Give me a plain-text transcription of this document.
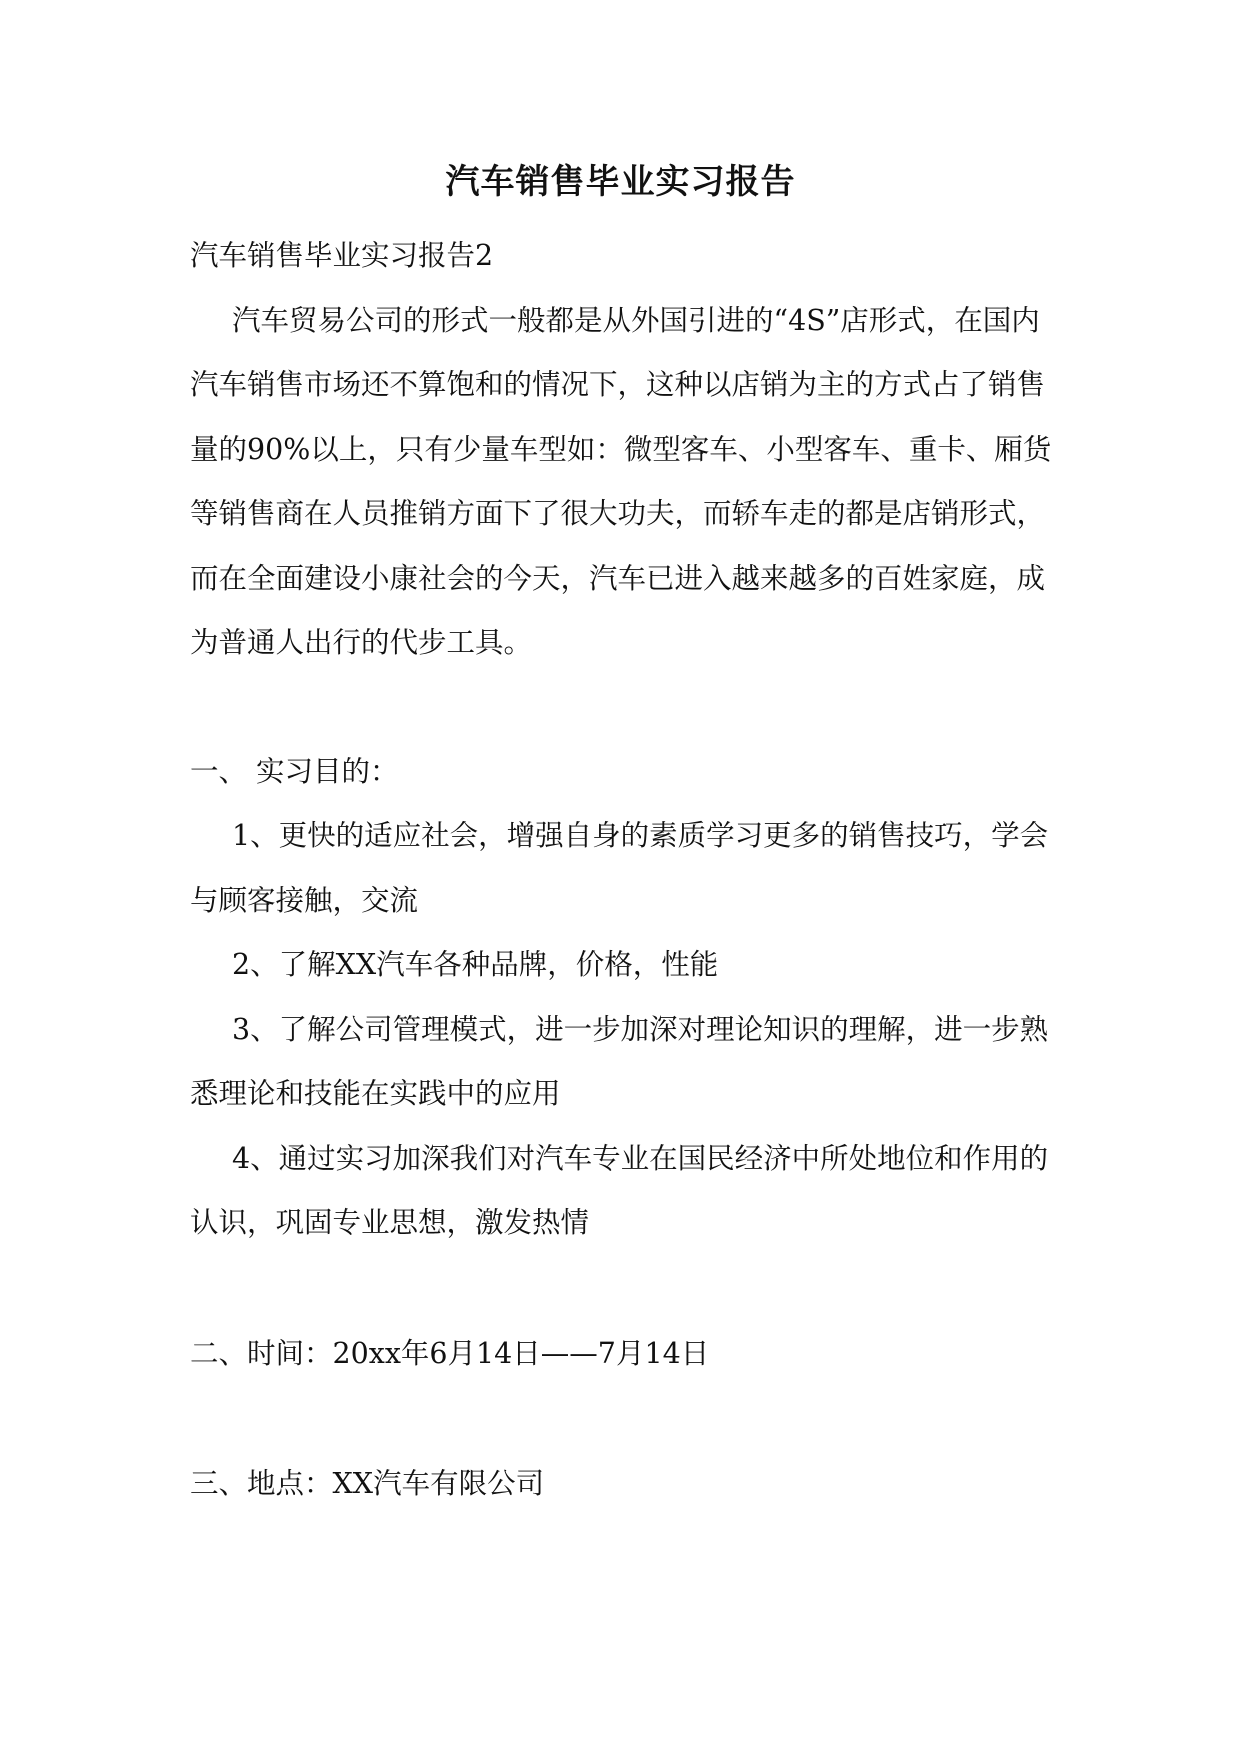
汽车销售毕业实习报告

汽车销售毕业实习报告2

汽车贸易公司的形式一般都是从外国引进的“4S”店形式，在国内汽车销售市场还不算饱和的情况下，这种以店销为主的方式占了销售量的90%以上，只有少量车型如：微型客车、小型客车、重卡、厢货等销售商在人员推销方面下了很大功夫，而轿车走的都是店销形式，而在全面建设小康社会的今天，汽车已进入越来越多的百姓家庭，成为普通人出行的代步工具。

一、 实习目的：

1、更快的适应社会，增强自身的素质学习更多的销售技巧，学会与顾客接触，交流

2、了解XX汽车各种品牌，价格，性能

3、了解公司管理模式，进一步加深对理论知识的理解，进一步熟悉理论和技能在实践中的应用

4、通过实习加深我们对汽车专业在国民经济中所处地位和作用的认识，巩固专业思想，激发热情

二、时间：20xx年6月14日——7月14日

三、地点：XX汽车有限公司
